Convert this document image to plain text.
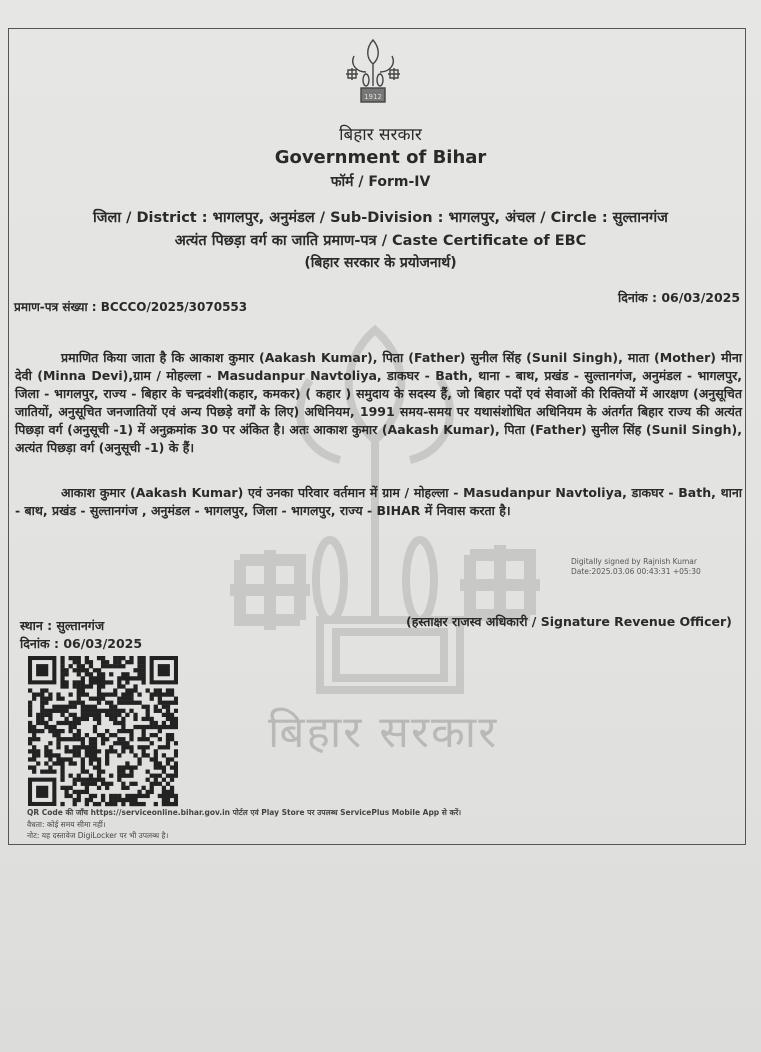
बिहार सरकार
1912
बिहार सरकार
Government of Bihar
फॉर्म / Form-IV
जिला / District : भागलपुर, अनुमंडल / Sub-Division : भागलपुर, अंचल / Circle : सुल्तानगंज
अत्यंत पिछड़ा वर्ग का जाति प्रमाण-पत्र / Caste Certificate of EBC
(बिहार सरकार के प्रयोजनार्थ)
दिनांक : 06/03/2025
प्रमाण-पत्र संख्या : BCCCO/2025/3070553
प्रमाणित किया जाता है कि आकाश कुमार (Aakash Kumar), पिता (Father) सुनील सिंह (Sunil Singh), माता (Mother) मीना देवी (Minna Devi),ग्राम / मोहल्ला - Masudanpur Navtoliya, डाकघर - Bath, थाना - बाथ, प्रखंड - सुल्तानगंज, अनुमंडल - भागलपुर, जिला - भागलपुर, राज्य - बिहार के चन्द्रवंशी(कहार, कमकर) ( कहार ) समुदाय के सदस्य हैं, जो बिहार पदों एवं सेवाओं की रिक्तियों में आरक्षण (अनुसूचित जातियों, अनुसूचित जनजातियों एवं अन्य पिछड़े वर्गों के लिए) अधिनियम, 1991 समय-समय पर यथासंशोधित अधिनियम के अंतर्गत बिहार राज्य की अत्यंत पिछड़ा वर्ग (अनुसूची -1) में अनुक्रमांक 30 पर अंकित है। अतः आकाश कुमार (Aakash Kumar), पिता (Father) सुनील सिंह (Sunil Singh), अत्यंत पिछड़ा वर्ग (अनुसूची -1) के हैं।
आकाश कुमार (Aakash Kumar) एवं उनका परिवार वर्तमान में ग्राम / मोहल्ला - Masudanpur Navtoliya, डाकघर - Bath, थाना - बाथ, प्रखंड - सुल्तानगंज , अनुमंडल - भागलपुर, जिला - भागलपुर, राज्य - BIHAR में निवास करता है।
Digitally signed by Rajnish Kumar
Date:2025.03.06 00:43:31 +05:30
(हस्ताक्षर राजस्व अधिकारी / Signature Revenue Officer)
स्थान : सुल्तानगंज
दिनांक : 06/03/2025
QR Code की जाँच https://serviceonline.bihar.gov.in पोर्टल एवं Play Store पर उपलब्ध ServicePlus Mobile App से करें।
वैधता: कोई समय सीमा नहीं।
नोट: यह दस्तावेज DigiLocker पर भी उपलब्ध है।
